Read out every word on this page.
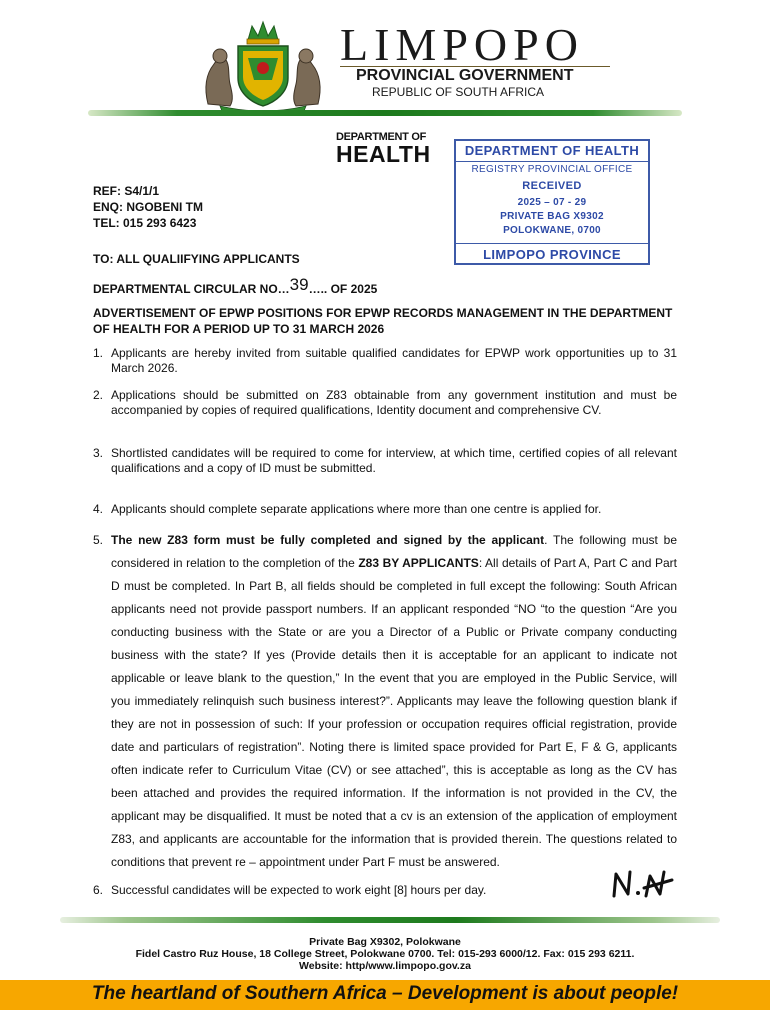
LIMPOPO
PROVINCIAL GOVERNMENT
REPUBLIC OF SOUTH AFRICA
DEPARTMENT OF
HEALTH	DEPARTMENT OF HEALTH
REGISTRY PROVINCIAL OFFICE
RECEIVED
2025 – 07 - 29
PRIVATE BAG X9302
POLOKWANE, 0700
LIMPOPO PROVINCE
REF: S4/1/1
ENQ: NGOBENI TM
TEL: 015 293 6423
TO: ALL QUALIIFYING APPLICANTS
DEPARTMENTAL CIRCULAR NO…39….. OF 2025
ADVERTISEMENT OF EPWP POSITIONS FOR EPWP RECORDS MANAGEMENT IN THE DEPARTMENT OF HEALTH FOR A PERIOD UP TO 31 MARCH 2026
1. Applicants are hereby invited from suitable qualified candidates for EPWP work opportunities up to 31 March 2026.
2. Applications should be submitted on Z83 obtainable from any government institution and must be accompanied by copies of required qualifications, Identity document and comprehensive CV.
3. Shortlisted candidates will be required to come for interview, at which time, certified copies of all relevant qualifications and a copy of ID must be submitted.
4. Applicants should complete separate applications where more than one centre is applied for.
5. The new Z83 form must be fully completed and signed by the applicant. The following must be considered in relation to the completion of the Z83 BY APPLICANTS: All details of Part A, Part C and Part D must be completed. In Part B, all fields should be completed in full except the following: South African applicants need not provide passport numbers. If an applicant responded “NO “to the question “Are you conducting business with the State or are you a Director of a Public or Private company conducting business with the state? If yes (Provide details then it is acceptable for an applicant to indicate not applicable or leave blank to the question,” In the event that you are employed in the Public Service, will you immediately relinquish such business interest?”. Applicants may leave the following question blank if they are not in possession of such: If your profession or occupation requires official registration, provide date and particulars of registration”. Noting there is limited space provided for Part E, F & G, applicants often indicate refer to Curriculum Vitae (CV) or see attached”, this is acceptable as long as the CV has been attached and provides the required information. If the information is not provided in the CV, the applicant may be disqualified. It must be noted that a cv is an extension of the application of employment Z83, and applicants are accountable for the information that is provided therein. The questions related to conditions that prevent re – appointment under Part F must be answered.
6. Successful candidates will be expected to work eight [8] hours per day.
Private Bag X9302, Polokwane
Fidel Castro Ruz House, 18 College Street, Polokwane 0700. Tel: 015-293 6000/12. Fax: 015 293 6211.
Website: http/www.limpopo.gov.za
The heartland of Southern Africa – Development is about people!
